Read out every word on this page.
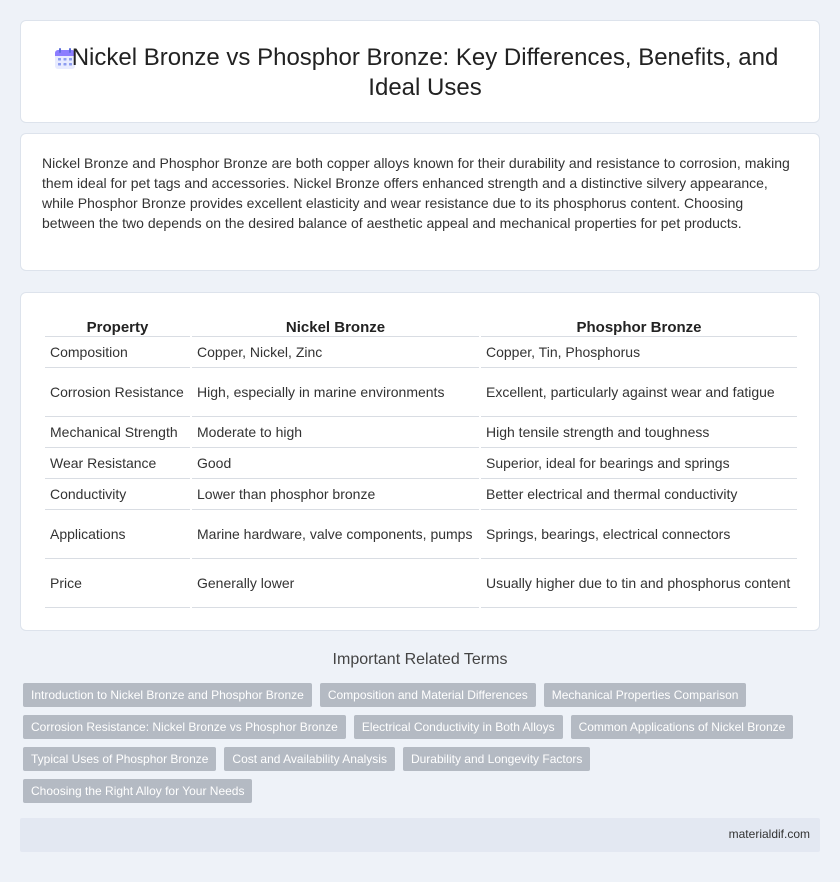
Nickel Bronze vs Phosphor Bronze: Key Differences, Benefits, and Ideal Uses

Nickel Bronze and Phosphor Bronze are both copper alloys known for their durability and resistance to corrosion, making them ideal for pet tags and accessories. Nickel Bronze offers enhanced strength and a distinctive silvery appearance, while Phosphor Bronze provides excellent elasticity and wear resistance due to its phosphorus content. Choosing between the two depends on the desired balance of aesthetic appeal and mechanical properties for pet products.

Property	Nickel Bronze	Phosphor Bronze
Composition	Copper, Nickel, Zinc	Copper, Tin, Phosphorus
Corrosion Resistance	High, especially in marine environments	Excellent, particularly against wear and fatigue
Mechanical Strength	Moderate to high	High tensile strength and toughness
Wear Resistance	Good	Superior, ideal for bearings and springs
Conductivity	Lower than phosphor bronze	Better electrical and thermal conductivity
Applications	Marine hardware, valve components, pumps	Springs, bearings, electrical connectors
Price	Generally lower	Usually higher due to tin and phosphorus content
Important Related Terms
Introduction to Nickel Bronze and Phosphor Bronze	Composition and Material Differences	Mechanical Properties Comparison
Corrosion Resistance: Nickel Bronze vs Phosphor Bronze	Electrical Conductivity in Both Alloys	Common Applications of Nickel Bronze
Typical Uses of Phosphor Bronze	Cost and Availability Analysis	Durability and Longevity Factors
Choosing the Right Alloy for Your Needs
materialdif.com
